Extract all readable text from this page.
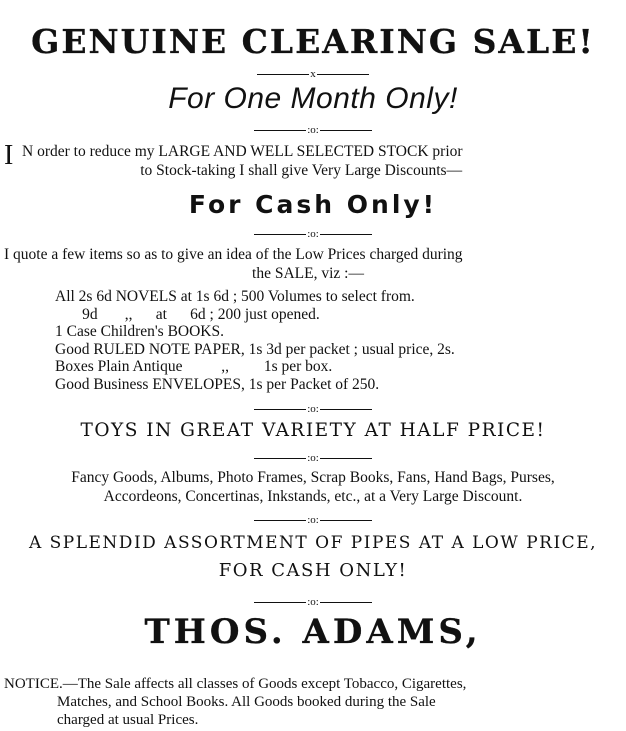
GENUINE CLEARING SALE!
x
For One Month Only!
:o:
I N order to reduce my LARGE AND WELL SELECTED STOCK prior
to Stock-taking I shall give Very Large Discounts—
For Cash Only!
:o:
I quote a few items so as to give an idea of the Low Prices charged during
the SALE, viz :—
All 2s 6d NOVELS at 1s 6d ; 500 Volumes to select from.
9d       ,,      at      6d ; 200 just opened.
1 Case Children's BOOKS.
Good RULED NOTE PAPER, 1s 3d per packet ; usual price, 2s.
Boxes Plain Antique          ,,         1s per box.
Good Business ENVELOPES, 1s per Packet of 250.
:o:
TOYS IN GREAT VARIETY AT HALF PRICE!
:o:
Fancy Goods, Albums, Photo Frames, Scrap Books, Fans, Hand Bags, Purses,
Accordeons, Concertinas, Inkstands, etc., at a Very Large Discount.
:o:
A SPLENDID ASSORTMENT OF PIPES AT A LOW PRICE,
FOR CASH ONLY!
:o:
THOS. ADAMS,
NOTICE.—The Sale affects all classes of Goods except Tobacco, Cigarettes,
Matches, and School Books. All Goods booked during the Sale
charged at usual Prices.
